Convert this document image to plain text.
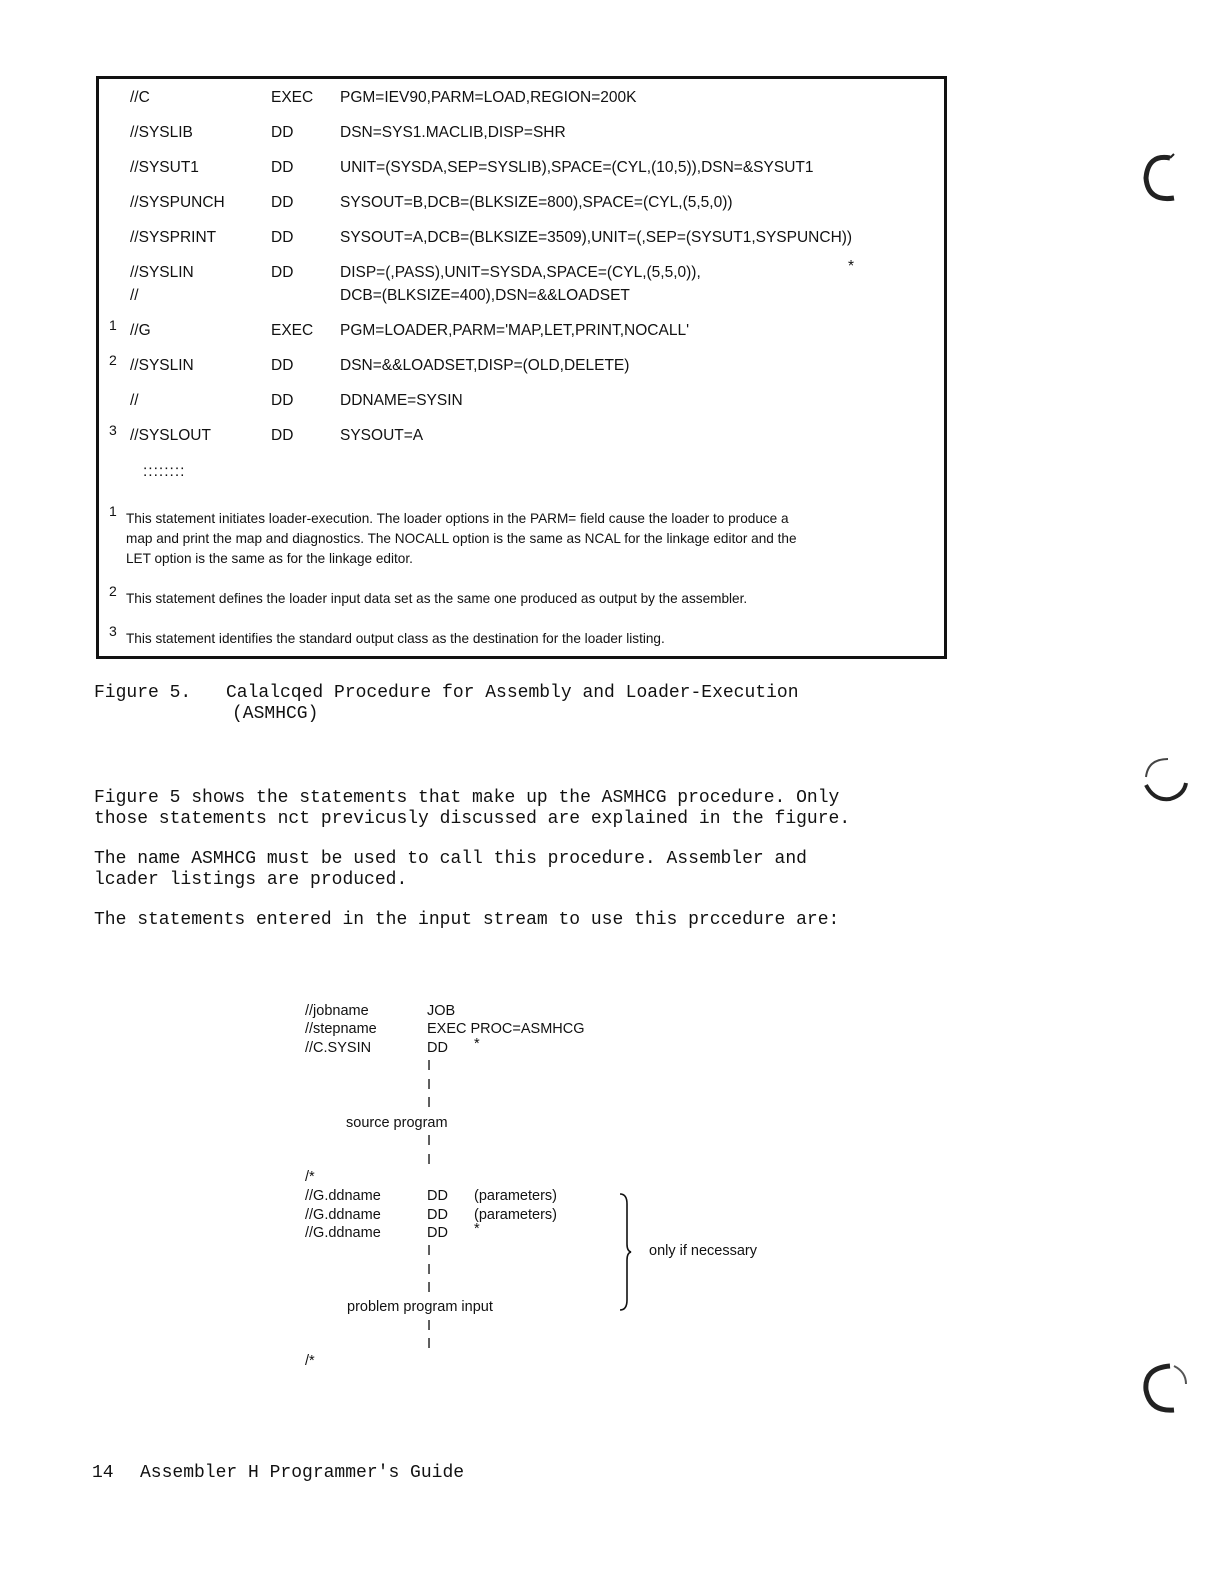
//C	EXEC PGM=IEV90,PARM=LOAD,REGION=200K
//SYSLIB	DD	DSN=SYS1.MACLIB,DISP=SHR
//SYSUT1	DD	UNIT=(SYSDA,SEP=SYSLIB),SPACE=(CYL,(10,5)),DSN=&SYSUT1
//SYSPUNCH	DD	SYSOUT=B,DCB=(BLKSIZE=800),SPACE=(CYL,(5,5,0))
//SYSPRINT	DD	SYSOUT=A,DCB=(BLKSIZE=3509),UNIT=(,SEP=(SYSUT1,SYSPUNCH))
//SYSLIN	DD	DISP=(,PASS),UNIT=SYSDA,SPACE=(CYL,(5,5,0)),	*
//	DCB=(BLKSIZE=400),DSN=&&LOADSET
1 //G	EXEC PGM=LOADER,PARM='MAP,LET,PRINT,NOCALL'
2 //SYSLIN	DD	DSN=&&LOADSET,DISP=(OLD,DELETE)
//	DD	DDNAME=SYSIN
3 //SYSLOUT	DD	SYSOUT=A
::::::::
1 This statement initiates loader-execution. The loader options in the PARM= field cause the loader to produce a
map and print the map and diagnostics. The NOCALL option is the same as NCAL for the linkage editor and the
LET option is the same as for the linkage editor.
2 This statement defines the loader input data set as the same one produced as output by the assembler.
3 This statement identifies the standard output class as the destination for the loader listing.
Figure 5. Calalcqed Procedure for Assembly and Loader-Execution
(ASMHCG)
Figure 5 shows the statements that make up the ASMHCG procedure. Only
those statements nct previcusly discussed are explained in the figure.
The name ASMHCG must be used to call this procedure. Assembler and
lcader listings are produced.
The statements entered in the input stream to use this prccedure are:
//jobname	JOB
//stepname	EXEC PROC=ASMHCG
//C.SYSIN	DD *
I
I
I
source program
I
I
/*
//G.ddname	DD (parameters)
//G.ddname	DD (parameters)
//G.ddname	DD *
I
I
I
problem program input
I
I
/*
only if necessary
14 Assembler H Programmer's Guide
